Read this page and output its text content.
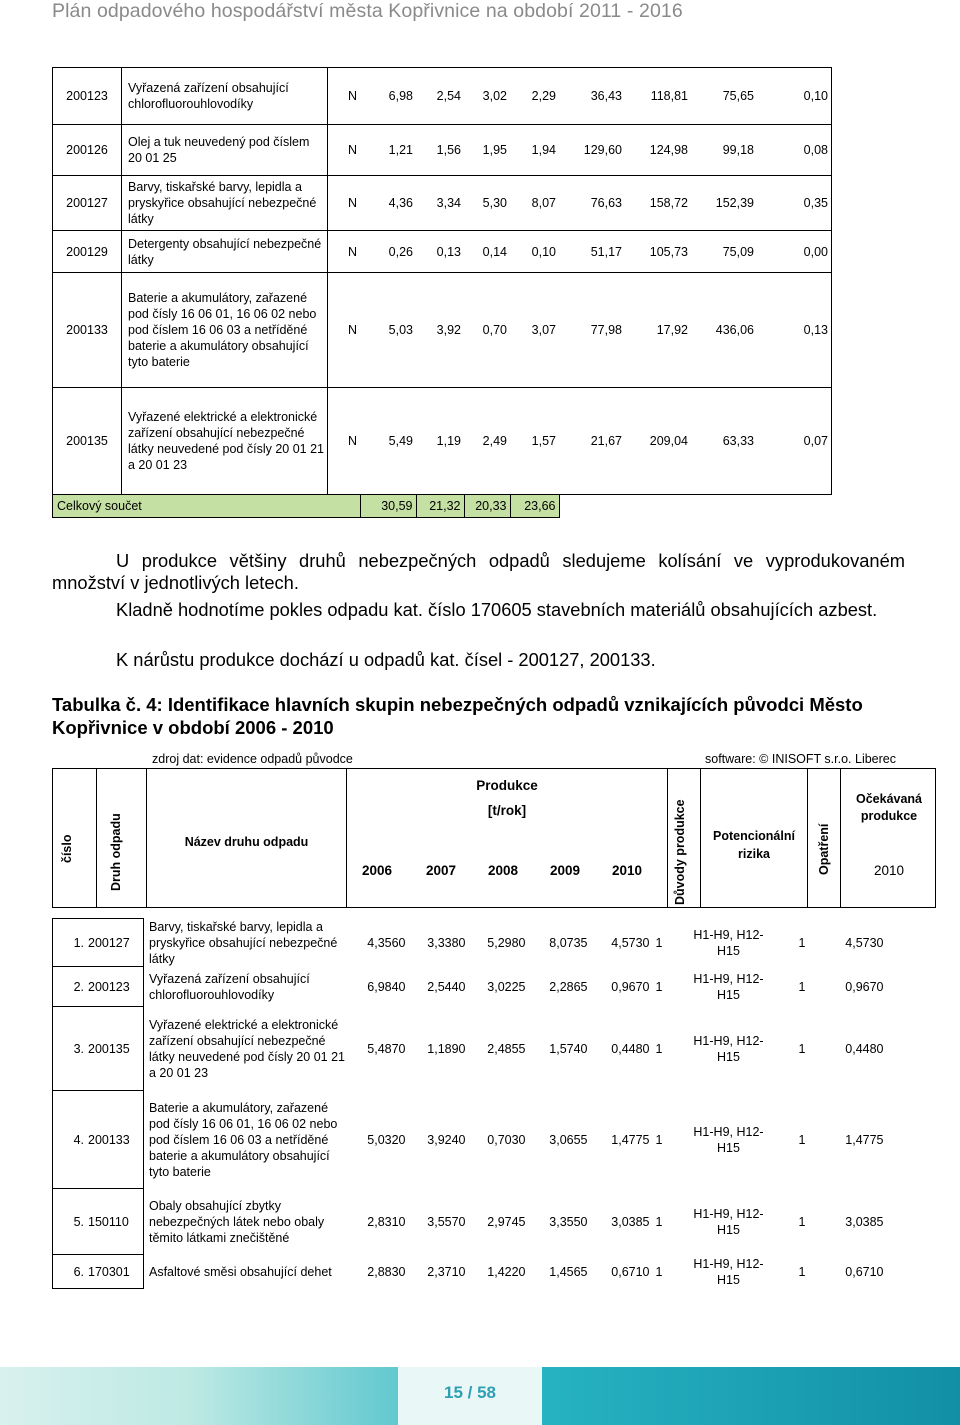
Plán odpadového hospodářství města Kopřivnice na období 2011 - 2016
200123	Vyřazená zařízení obsahující chlorofluorouhlovodíky	N	6,98	2,54	3,02	2,29	36,43	118,81	75,65	0,10
200126	Olej a tuk neuvedený pod číslem 20 01 25	N	1,21	1,56	1,95	1,94	129,60	124,98	99,18	0,08
200127	Barvy, tiskařské barvy, lepidla a pryskyřice obsahující nebezpečné látky	N	4,36	3,34	5,30	8,07	76,63	158,72	152,39	0,35
200129	Detergenty obsahující nebezpečné látky	N	0,26	0,13	0,14	0,10	51,17	105,73	75,09	0,00
200133	Baterie a akumulátory, zařazené pod čísly 16 06 01, 16 06 02 nebo pod číslem 16 06 03 a netříděné baterie a akumulátory obsahující tyto baterie	N	5,03	3,92	0,70	3,07	77,98	17,92	436,06	0,13
200135	Vyřazené elektrické a elektronické zařízení obsahující nebezpečné látky neuvedené pod čísly 20 01 21 a 20 01 23	N	5,49	1,19	2,49	1,57	21,67	209,04	63,33	0,07
Celkový součet			30,59	21,32	20,33	23,66				
U produkce většiny druhů nebezpečných odpadů sledujeme kolísání ve vyprodukovaném množství v jednotlivých letech.
Kladně hodnotíme pokles odpadu kat. číslo 170605 stavebních materiálů obsahujících azbest.
K nárůstu produkce dochází u odpadů kat. čísel - 200127, 200133.
Tabulka č. 4: Identifikace hlavních skupin nebezpečných odpadů vznikajících původci Město Kopřivnice v období 2006 - 2010
zdroj dat: evidence odpadů původce	software: © INISOFT s.r.o. Liberec
číslo	Druh odpadu	Název druhu odpadu
Produkce
[t/rok]
2006	2007	2008	2009	2010	Důvody produkce	Potencionální rizika	Opatření
Očekávaná produkce
2010
1.	200127	Barvy, tiskařské barvy, lepidla a pryskyřice obsahující nebezpečné látky	4,3560	3,3380	5,2980	8,0735	4,5730	1	H1-H9, H12-H15	1	4,5730
2.	200123	Vyřazená zařízení obsahující chlorofluorouhlovodíky	6,9840	2,5440	3,0225	2,2865	0,9670	1	H1-H9, H12-H15	1	0,9670
3.	200135	Vyřazené elektrické a elektronické zařízení obsahující nebezpečné látky neuvedené pod čísly 20 01 21 a 20 01 23	5,4870	1,1890	2,4855	1,5740	0,4480	1	H1-H9, H12-H15	1	0,4480
4.	200133	Baterie a akumulátory, zařazené pod čísly 16 06 01, 16 06 02 nebo pod číslem 16 06 03 a netříděné baterie a akumulátory obsahující tyto baterie	5,0320	3,9240	0,7030	3,0655	1,4775	1	H1-H9, H12-H15	1	1,4775
5.	150110	Obaly obsahující zbytky nebezpečných látek nebo obaly těmito látkami znečištěné	2,8310	3,5570	2,9745	3,3550	3,0385	1	H1-H9, H12-H15	1	3,0385
6.	170301	Asfaltové směsi obsahující dehet	2,8830	2,3710	1,4220	1,4565	0,6710	1	H1-H9, H12-H15	1	0,6710
15 / 58
